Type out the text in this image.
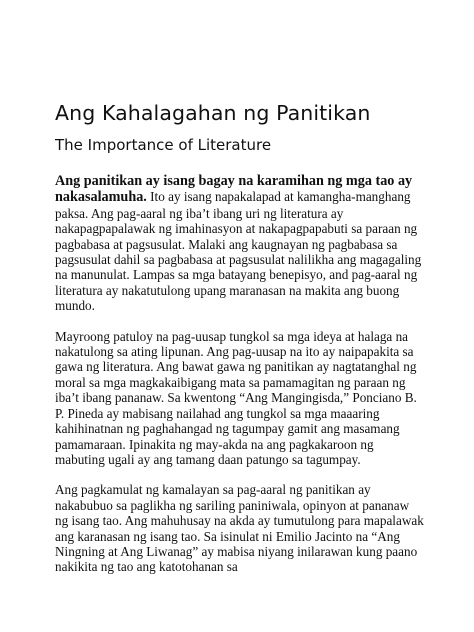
Ang Kahalagahan ng Panitikan
The Importance of Literature

Ang panitikan ay isang bagay na karamihan ng mga tao ay nakasalamuha. Ito ay isang napakalapad at kamangha-manghang paksa. Ang pag-aaral ng iba’t ibang uri ng literatura ay nakapagpapalawak ng imahinasyon at nakapagpapabuti sa paraan ng pagbabasa at pagsusulat. Malaki ang kaugnayan ng pagbabasa sa pagsusulat dahil sa pagbabasa at pagsusulat nalilikha ang magagaling na manunulat. Lampas sa mga batayang benepisyo, and pag-aaral ng literatura ay nakatutulong upang maranasan na makita ang buong mundo.

Mayroong patuloy na pag-uusap tungkol sa mga ideya at halaga na nakatulong sa ating lipunan. Ang pag-uusap na ito ay naipapakita sa gawa ng literatura. Ang bawat gawa ng panitikan ay nagtatanghal ng moral sa mga magkakaibigang mata sa pamamagitan ng paraan ng iba’t ibang pananaw. Sa kwentong “Ang Mangingisda,” Ponciano B. P. Pineda ay mabisang nailahad ang tungkol sa mga maaaring kahihinatnan ng paghahangad ng tagumpay gamit ang masamang pamamaraan. Ipinakita ng may-akda na ang pagkakaroon ng mabuting ugali ay ang tamang daan patungo sa tagumpay.

Ang pagkamulat ng kamalayan sa pag-aaral ng panitikan ay nakabubuo sa paglikha ng sariling paniniwala, opinyon at pananaw ng isang tao. Ang mahuhusay na akda ay tumutulong para mapalawak ang karanasan ng isang tao. Sa isinulat ni Emilio Jacinto na “Ang Ningning at Ang Liwanag” ay mabisa niyang inilarawan kung paano nakikita ng tao ang katotohanan sa
